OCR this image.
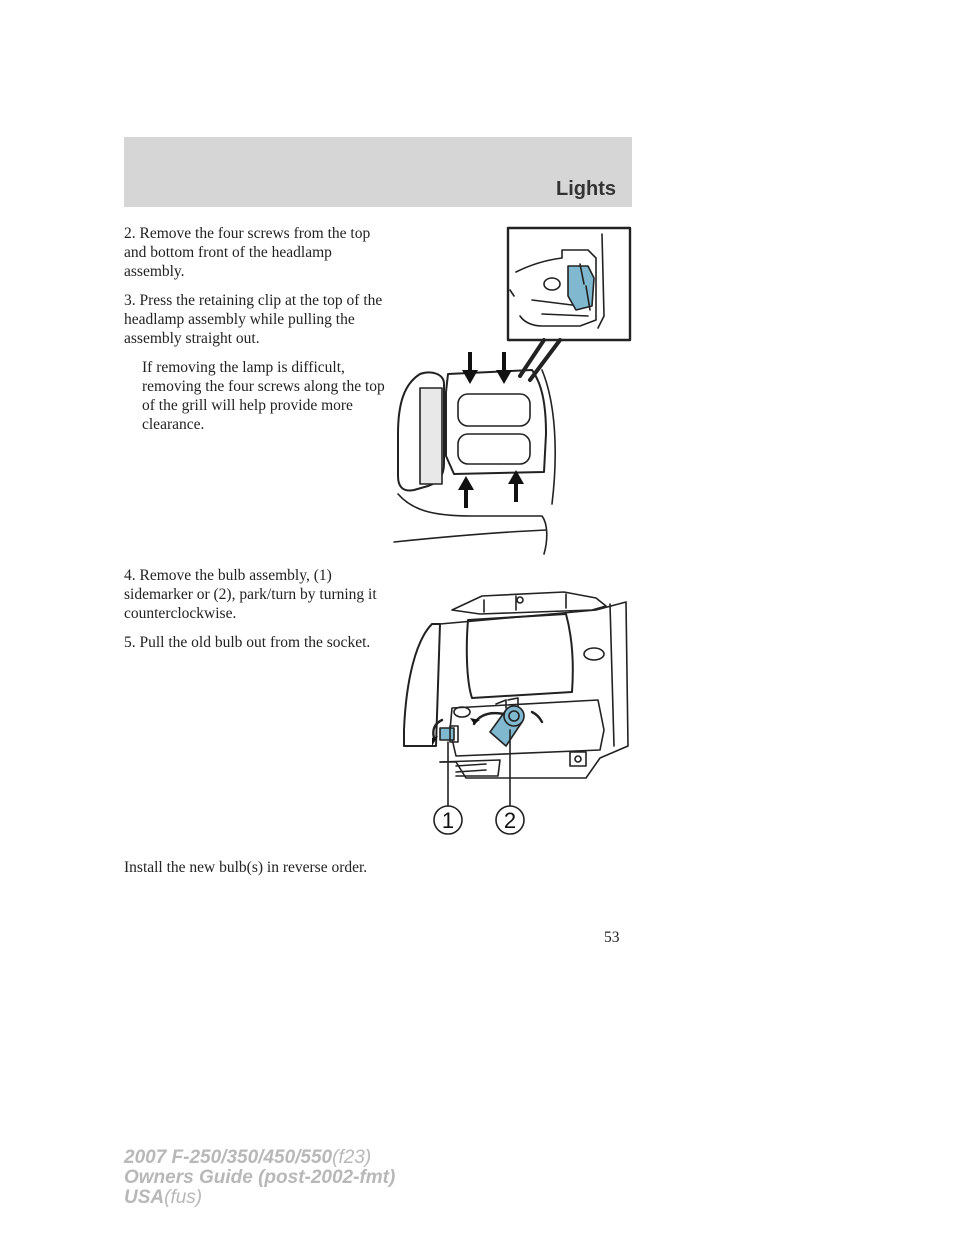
Lights

2. Remove the four screws from the top and bottom front of the headlamp assembly.

3. Press the retaining clip at the top of the headlamp assembly while pulling the assembly straight out.

If removing the lamp is difficult, removing the four screws along the top of the grill will help provide more clearance.

4. Remove the bulb assembly, (1) sidemarker or (2), park/turn by turning it counterclockwise.

5. Pull the old bulb out from the socket.

1 2

Install the new bulb(s) in reverse order.

53
2007 F-250/350/450/550(f23)
Owners Guide (post-2002-fmt)
USA(fus)
